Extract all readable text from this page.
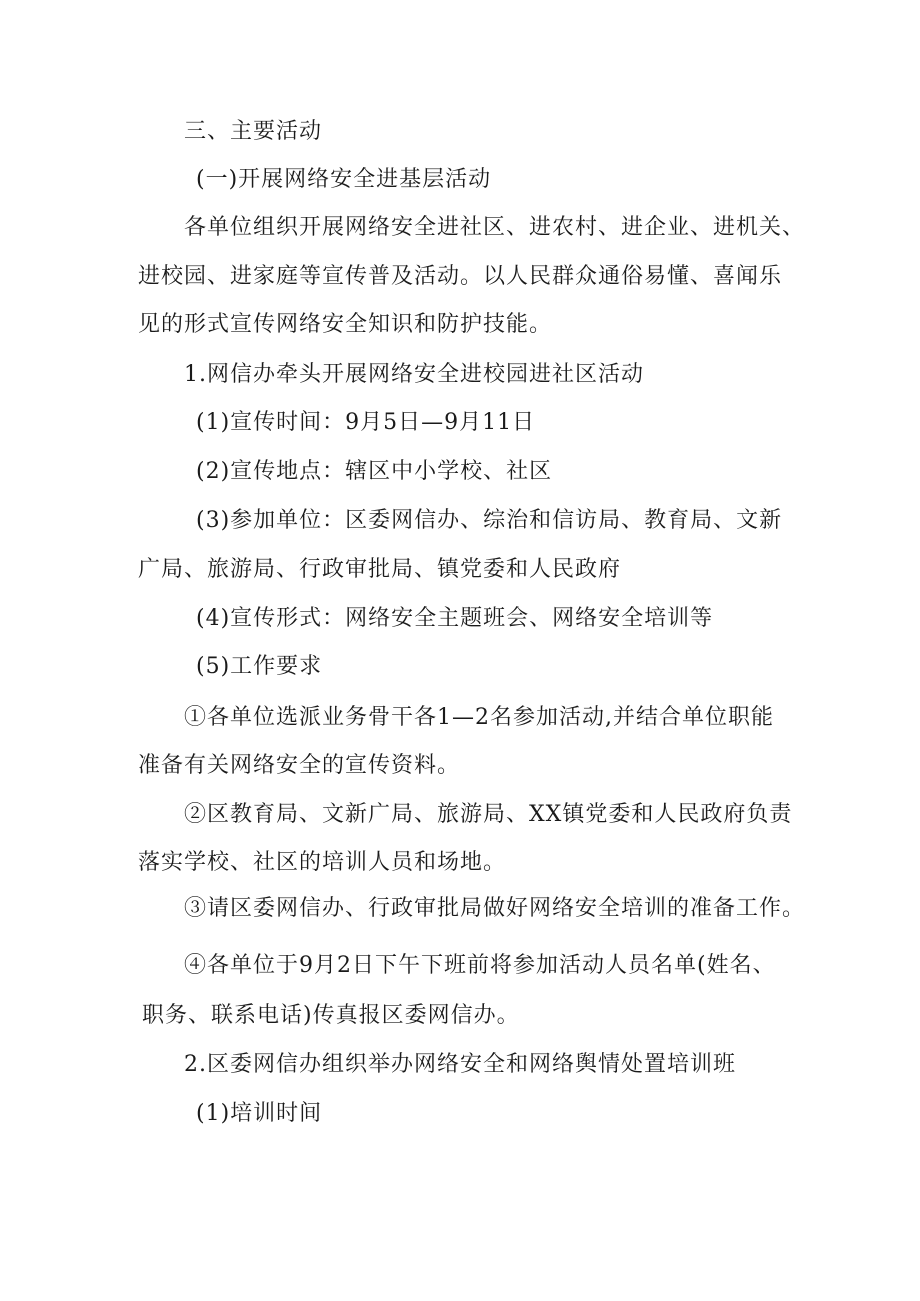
三、主要活动
(一)开展网络安全进基层活动
各单位组织开展网络安全进社区、进农村、进企业、进机关、
进校园、进家庭等宣传普及活动。以人民群众通俗易懂、喜闻乐
见的形式宣传网络安全知识和防护技能。
1.网信办牵头开展网络安全进校园进社区活动
(1)宣传时间：9月5日—9月11日
(2)宣传地点：辖区中小学校、社区
(3)参加单位：区委网信办、综治和信访局、教育局、文新
广局、旅游局、行政审批局、镇党委和人民政府
(4)宣传形式：网络安全主题班会、网络安全培训等
(5)工作要求
①各单位选派业务骨干各1—2名参加活动,并结合单位职能
准备有关网络安全的宣传资料。
②区教育局、文新广局、旅游局、XX镇党委和人民政府负责
落实学校、社区的培训人员和场地。
③请区委网信办、行政审批局做好网络安全培训的准备工作。
④各单位于9月2日下午下班前将参加活动人员名单(姓名、
职务、联系电话)传真报区委网信办。
2.区委网信办组织举办网络安全和网络舆情处置培训班
(1)培训时间
